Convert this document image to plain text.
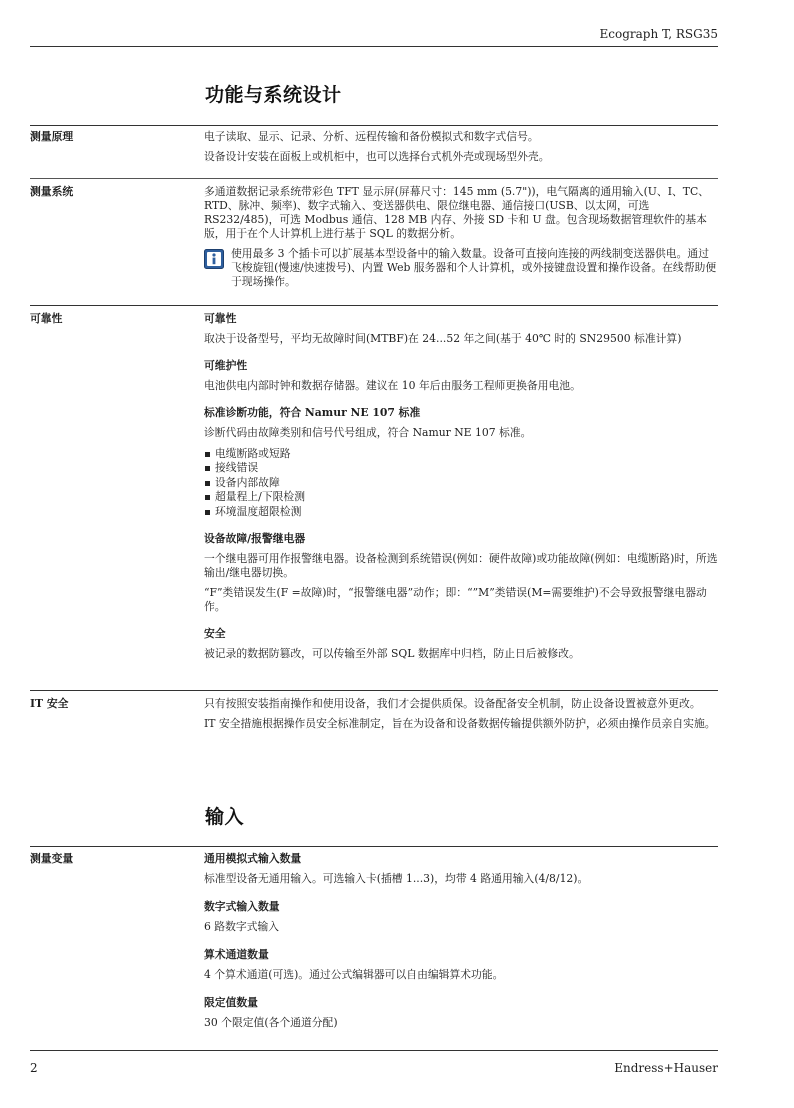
Ecograph T, RSG35
功能与系统设计
测量原理	电子读取、显示、记录、分析、远程传输和备份模拟式和数字式信号。

设备设计安装在面板上或机柜中，也可以选择台式机外壳或现场型外壳。

测量系统	多通道数据记录系统带彩色 TFT 显示屏(屏幕尺寸：145 mm (5.7"))，电气隔离的通用输入(U、I、TC、RTD、脉冲、频率)、数字式输入、变送器供电、限位继电器、通信接口(USB、以太网，可选 RS232/485)，可选 Modbus 通信、128 MB 内存、外接 SD 卡和 U 盘。包含现场数据管理软件的基本版，用于在个人计算机上进行基于 SQL 的数据分析。

使用最多 3 个插卡可以扩展基本型设备中的输入数量。设备可直接向连接的两线制变送器供电。通过飞梭旋钮(慢速/快速拨号)、内置 Web 服务器和个人计算机，或外接键盘设置和操作设备。在线帮助便于现场操作。

可靠性	可靠性

取决于设备型号，平均无故障时间(MTBF)在 24...52 年之间(基于 40℃ 时的 SN29500 标准计算)

可维护性

电池供电内部时钟和数据存储器。建议在 10 年后由服务工程师更换备用电池。

标准诊断功能，符合 Namur NE 107 标准

诊断代码由故障类别和信号代号组成，符合 Namur NE 107 标准。

电缆断路或短路
接线错误
设备内部故障
超量程上/下限检测
环境温度超限检测

设备故障/报警继电器

一个继电器可用作报警继电器。设备检测到系统错误(例如：硬件故障)或功能故障(例如：电缆断路)时，所选输出/继电器切换。

“F”类错误发生(F =故障)时，“报警继电器”动作；即：“”M”类错误(M=需要维护)不会导致报警继电器动作。

安全

被记录的数据防篡改，可以传输至外部 SQL 数据库中归档，防止日后被修改。

IT 安全	只有按照安装指南操作和使用设备，我们才会提供质保。设备配备安全机制，防止设备设置被意外更改。

IT 安全措施根据操作员安全标准制定，旨在为设备和设备数据传输提供额外防护，必须由操作员亲自实施。

输入
测量变量	通用模拟式输入数量

标准型设备无通用输入。可选输入卡(插槽 1...3)，均带 4 路通用输入(4/8/12)。

数字式输入数量

6 路数字式输入

算术通道数量

4 个算术通道(可选)。通过公式编辑器可以自由编辑算术功能。

限定值数量

30 个限定值(各个通道分配)

2	Endress+Hauser
